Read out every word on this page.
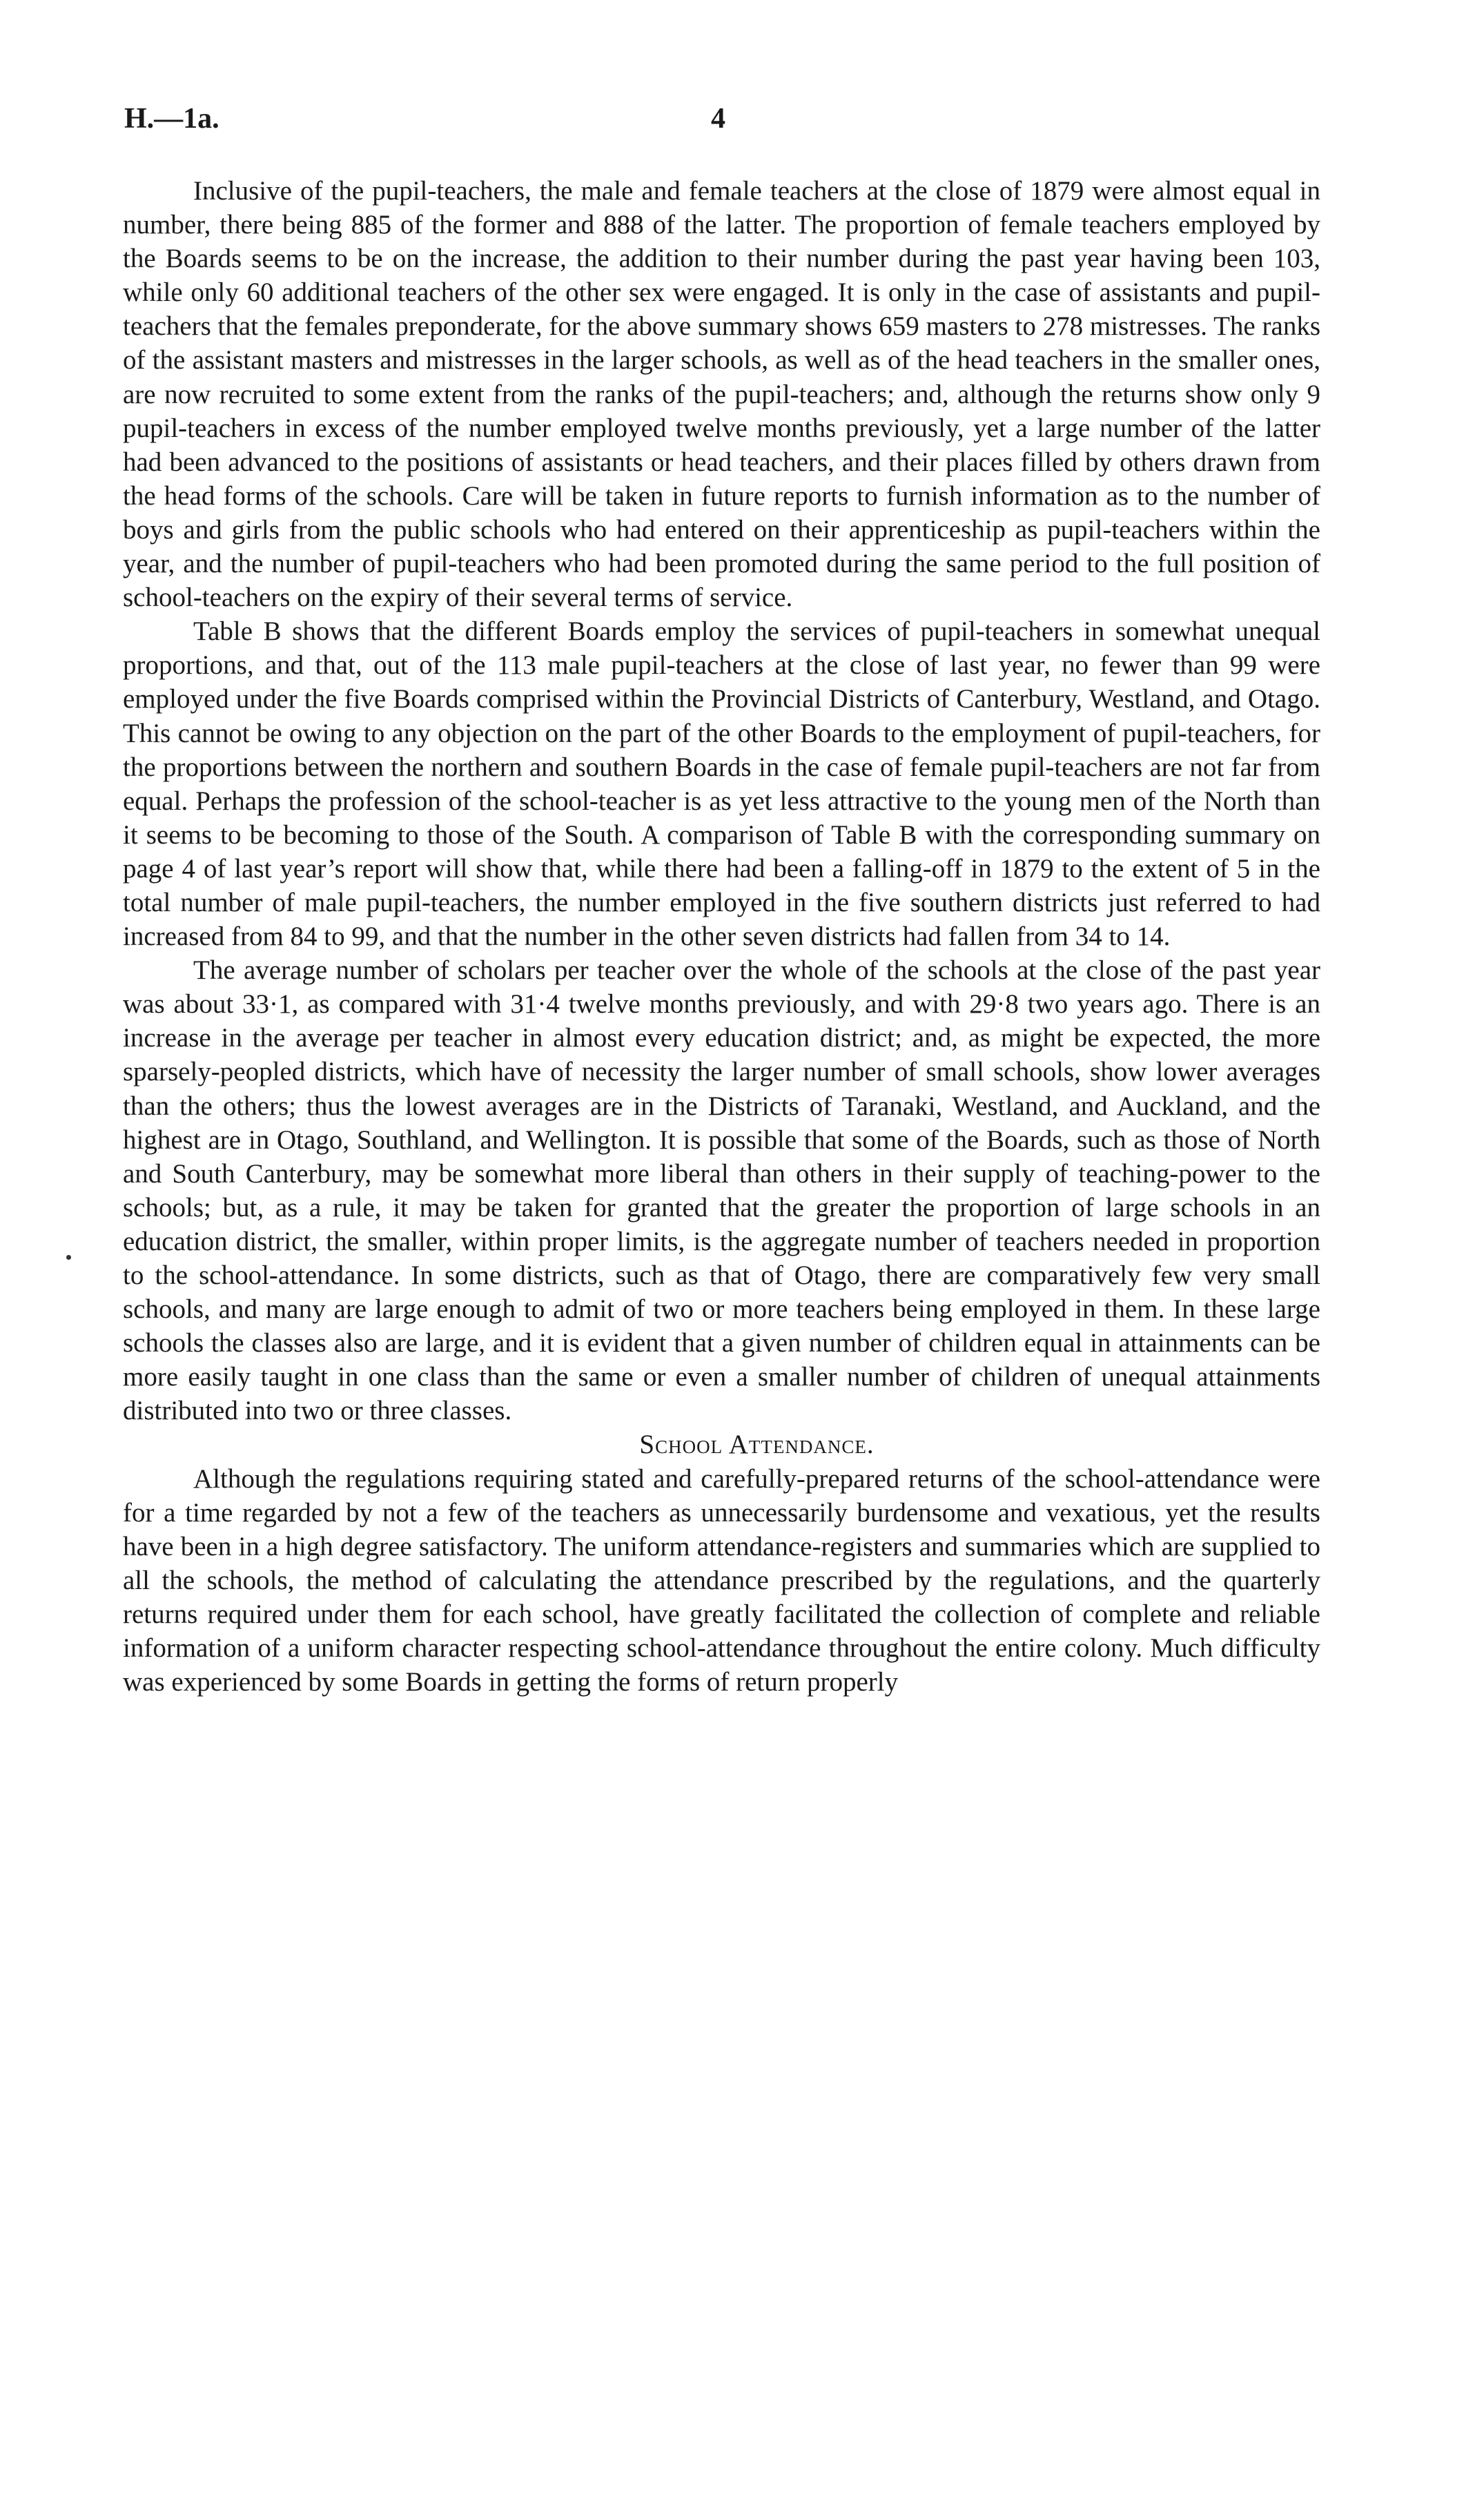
H.—1a.	4

Inclusive of the pupil-teachers, the male and female teachers at the close of 1879 were almost equal in number, there being 885 of the former and 888 of the latter. The proportion of female teachers employed by the Boards seems to be on the increase, the addition to their number during the past year having been 103, while only 60 additional teachers of the other sex were engaged. It is only in the case of assistants and pupil-teachers that the females preponderate, for the above summary shows 659 masters to 278 mistresses. The ranks of the assistant masters and mistresses in the larger schools, as well as of the head teachers in the smaller ones, are now recruited to some extent from the ranks of the pupil-teachers; and, although the returns show only 9 pupil-teachers in excess of the number employed twelve months previously, yet a large number of the latter had been advanced to the positions of assistants or head teachers, and their places filled by others drawn from the head forms of the schools. Care will be taken in future reports to furnish information as to the number of boys and girls from the public schools who had entered on their apprenticeship as pupil-teachers within the year, and the number of pupil-teachers who had been promoted during the same period to the full position of school-teachers on the expiry of their several terms of service.

Table B shows that the different Boards employ the services of pupil-teachers in somewhat unequal proportions, and that, out of the 113 male pupil-teachers at the close of last year, no fewer than 99 were employed under the five Boards comprised within the Provincial Districts of Canterbury, Westland, and Otago. This cannot be owing to any objection on the part of the other Boards to the employment of pupil-teachers, for the proportions between the northern and southern Boards in the case of female pupil-teachers are not far from equal. Perhaps the profession of the school-teacher is as yet less attractive to the young men of the North than it seems to be becoming to those of the South. A comparison of Table B with the corresponding summary on page 4 of last year’s report will show that, while there had been a falling-off in 1879 to the extent of 5 in the total number of male pupil-teachers, the number employed in the five southern districts just referred to had increased from 84 to 99, and that the number in the other seven districts had fallen from 34 to 14.

The average number of scholars per teacher over the whole of the schools at the close of the past year was about 33·1, as compared with 31·4 twelve months previously, and with 29·8 two years ago. There is an increase in the average per teacher in almost every education district; and, as might be expected, the more sparsely-peopled districts, which have of necessity the larger number of small schools, show lower averages than the others; thus the lowest averages are in the Districts of Taranaki, Westland, and Auckland, and the highest are in Otago, Southland, and Wellington. It is possible that some of the Boards, such as those of North and South Canterbury, may be somewhat more liberal than others in their supply of teaching-power to the schools; but, as a rule, it may be taken for granted that the greater the proportion of large schools in an education district, the smaller, within proper limits, is the aggregate number of teachers needed in proportion to the school-attendance. In some districts, such as that of Otago, there are comparatively few very small schools, and many are large enough to admit of two or more teachers being employed in them. In these large schools the classes also are large, and it is evident that a given number of children equal in attainments can be more easily taught in one class than the same or even a smaller number of children of unequal attainments distributed into two or three classes.

School Attendance.

Although the regulations requiring stated and carefully-prepared returns of the school-attendance were for a time regarded by not a few of the teachers as unnecessarily burdensome and vexatious, yet the results have been in a high degree satisfactory. The uniform attendance-registers and summaries which are supplied to all the schools, the method of calculating the attendance prescribed by the regulations, and the quarterly returns required under them for each school, have greatly facilitated the collection of complete and reliable information of a uniform character respecting school-attendance throughout the entire colony. Much difficulty was experienced by some Boards in getting the forms of return properly
